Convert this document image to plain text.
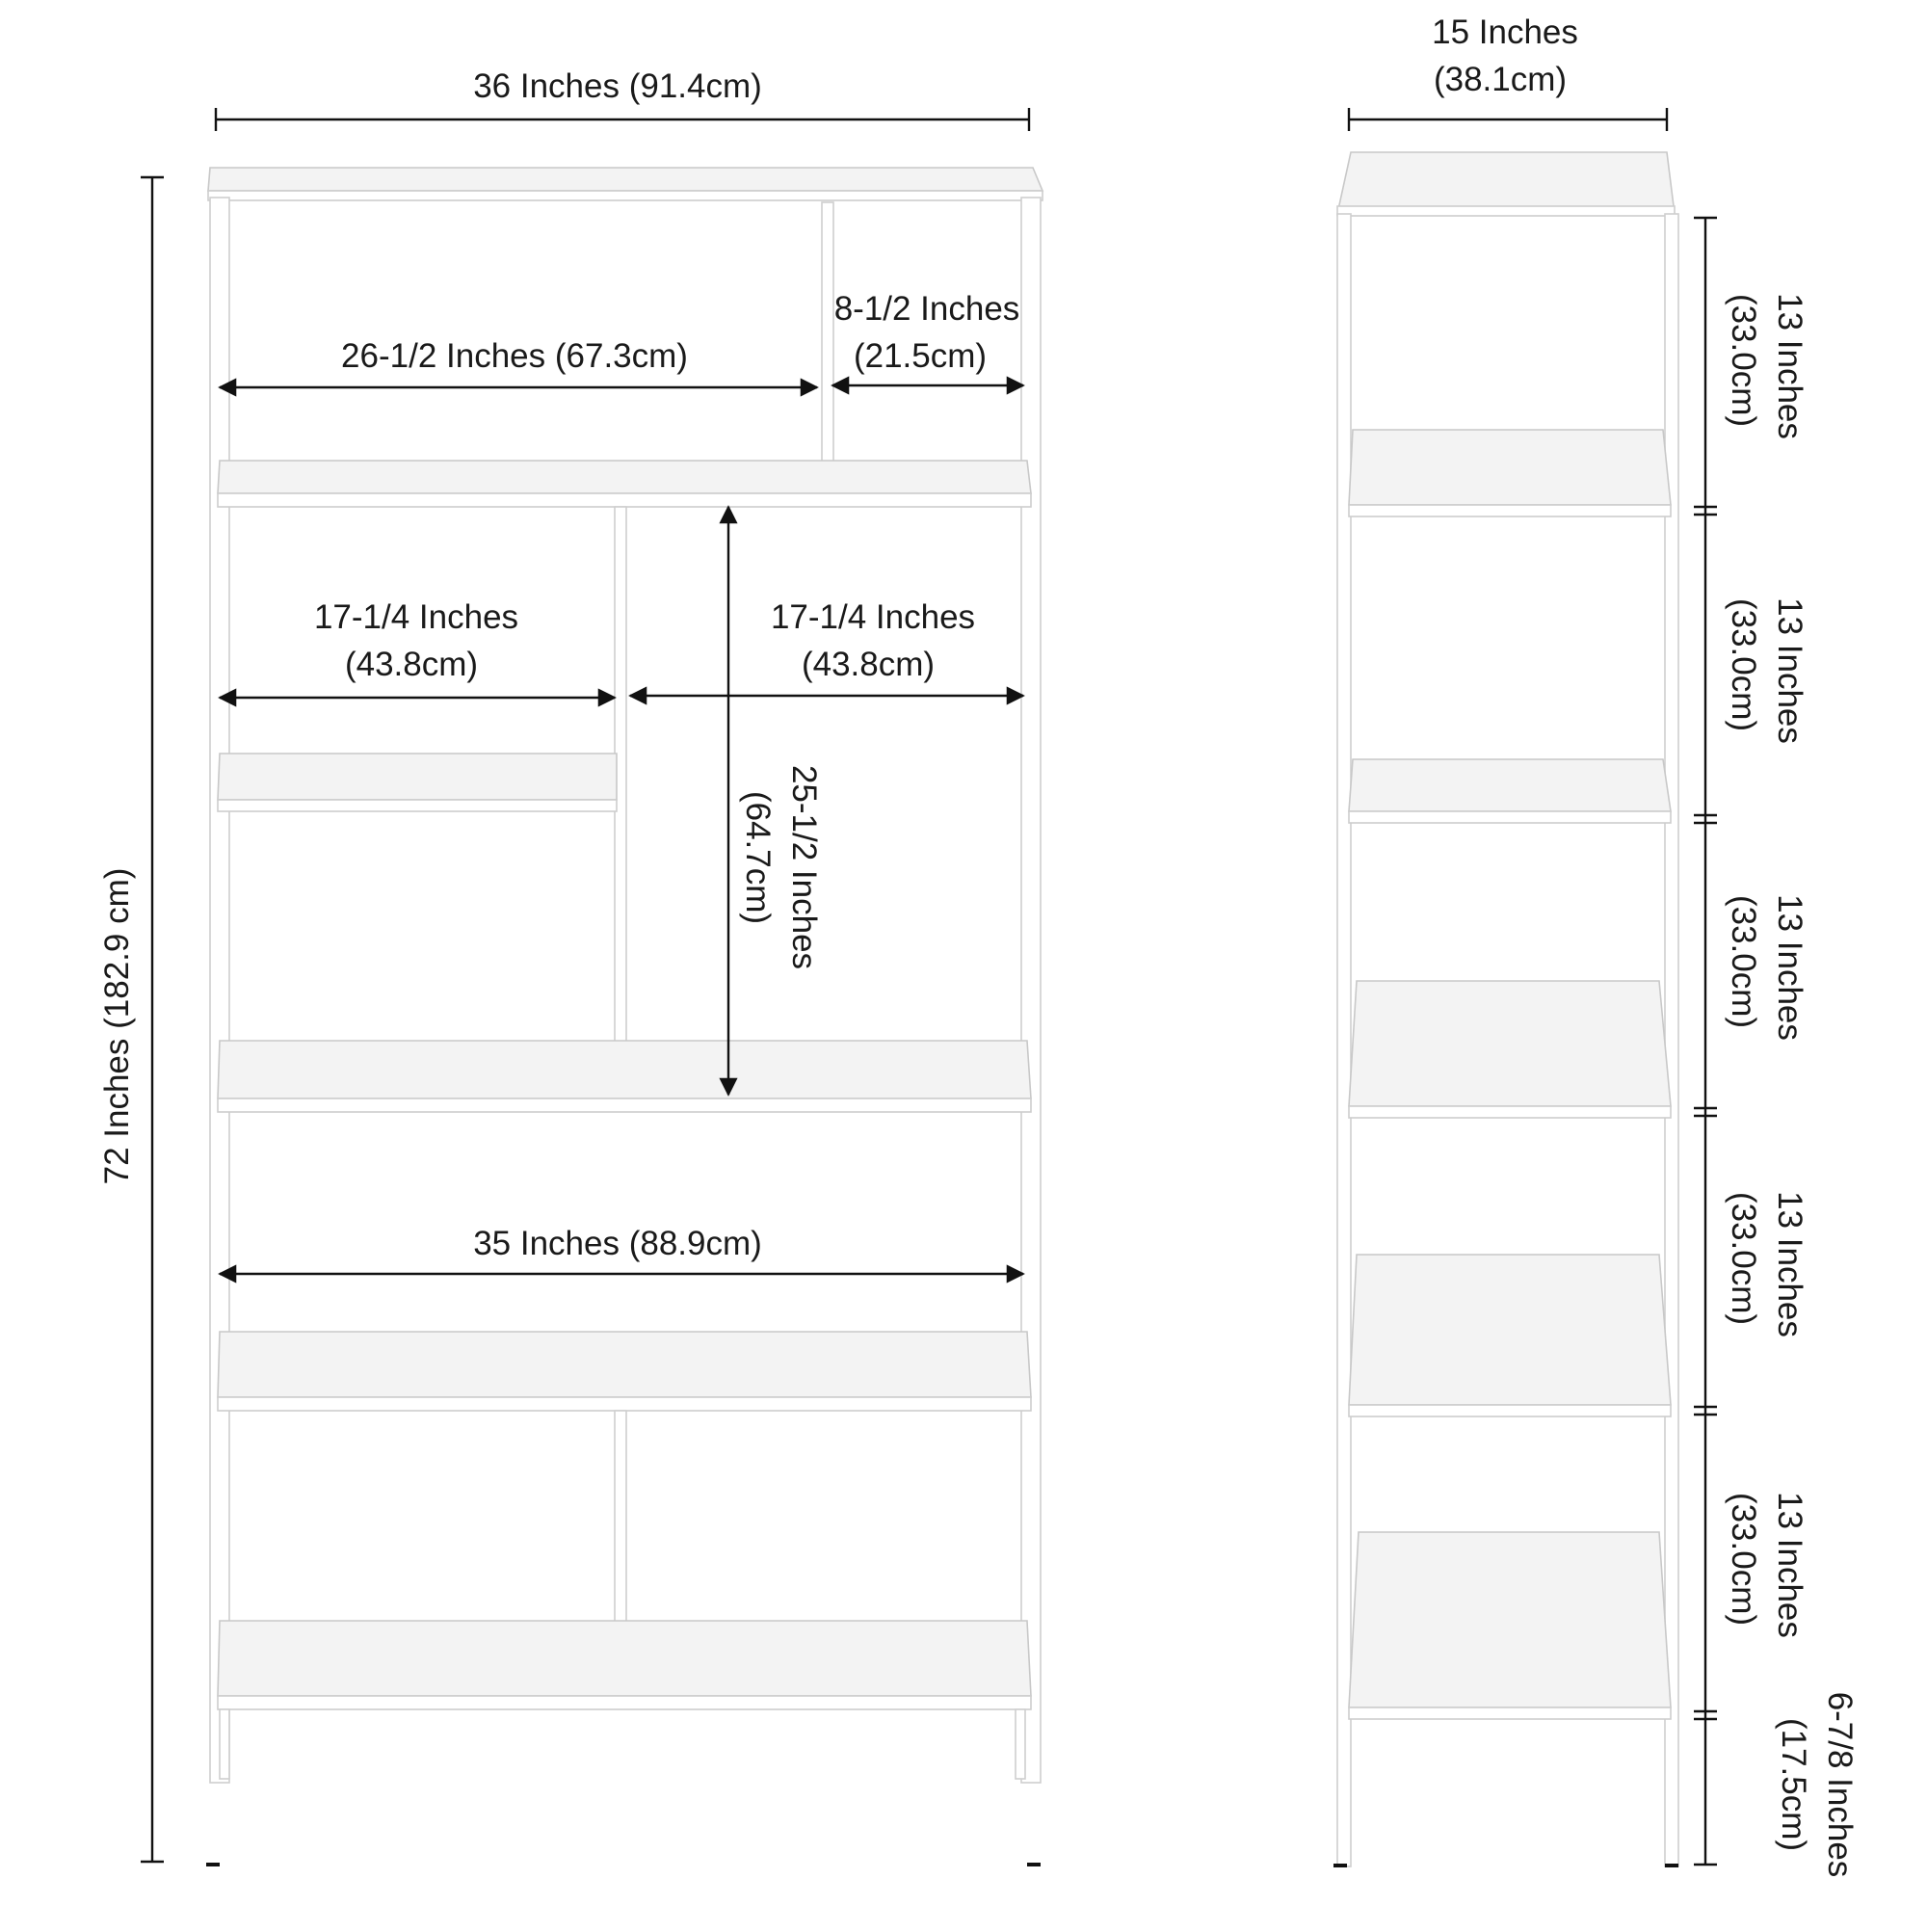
36 Inches (91.4cm)
72 Inches (182.9 cm)
26-1/2 Inches (67.3cm)
8-1/2 Inches
(21.5cm)
17-1/4 Inches
(43.8cm)
17-1/4 Inches
(43.8cm)
25-1/2 Inches
(64.7cm)
35 Inches (88.9cm)
15 Inches
(38.1cm)
13 Inches
(33.0cm)
13 Inches
(33.0cm)
13 Inches
(33.0cm)
13 Inches
(33.0cm)
13 Inches
(33.0cm)
6-7/8 Inches
(17.5cm)
